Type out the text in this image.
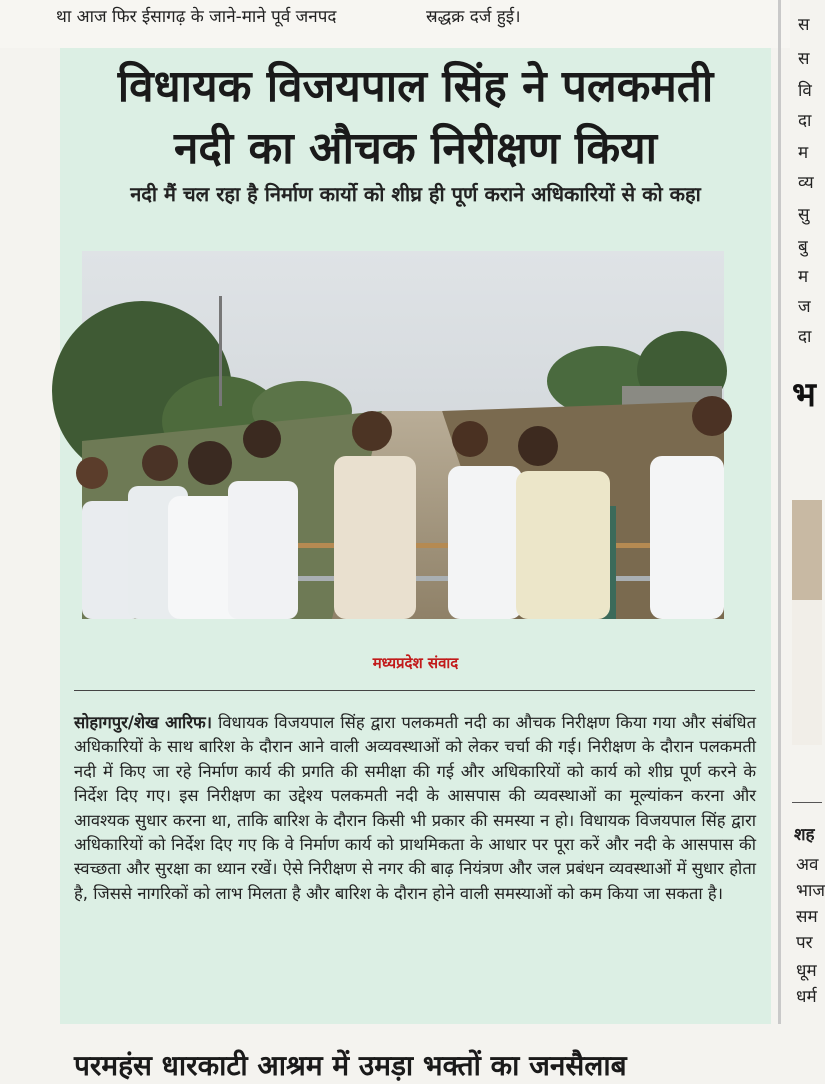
था आज फिर ईसागढ़ के जाने-माने पूर्व जनपद	स्रद्धक्र दर्ज हुई।
विधायक विजयपाल सिंह ने पलकमती
नदी का औचक निरीक्षण किया
नदी मैं चल रहा है निर्माण कार्यो को शीघ्र ही पूर्ण कराने अधिकारियों से को कहा
मध्यप्रदेश संवाद

सोहागपुर/शेख आरिफ। विधायक विजयपाल सिंह द्वारा पलकमती नदी का औचक निरीक्षण किया गया और संबंधित अधिकारियों के साथ बारिश के दौरान आने वाली अव्यवस्थाओं को लेकर चर्चा की गई। निरीक्षण के दौरान पलकमती नदी में किए जा रहे निर्माण कार्य की प्रगति की समीक्षा की गई और अधिकारियों को कार्य को शीघ्र पूर्ण करने के निर्देश दिए गए। इस निरीक्षण का उद्देश्य पलकमती नदी के आसपास की व्यवस्थाओं का मूल्यांकन करना और आवश्यक सुधार करना था, ताकि बारिश के दौरान किसी भी प्रकार की समस्या न हो। विधायक विजयपाल सिंह द्वारा अधिकारियों को निर्देश दिए गए कि वे निर्माण कार्य को प्राथमिकता के आधार पर पूरा करें और नदी के आसपास की स्वच्छता और सुरक्षा का ध्यान रखें। ऐसे निरीक्षण से नगर की बाढ़ नियंत्रण और जल प्रबंधन व्यवस्थाओं में सुधार होता है, जिससे नागरिकों को लाभ मिलता है और बारिश के दौरान होने वाली समस्याओं को कम किया जा सकता है।

परमहंस धारकाटी आश्रम में उमड़ा भक्तों का जनसैलाब
स
स
वि
दा
म
व्य
सु
बु
म
ज
दा
भ
शह
अव
भाज
सम
पर
धूम
धर्म
